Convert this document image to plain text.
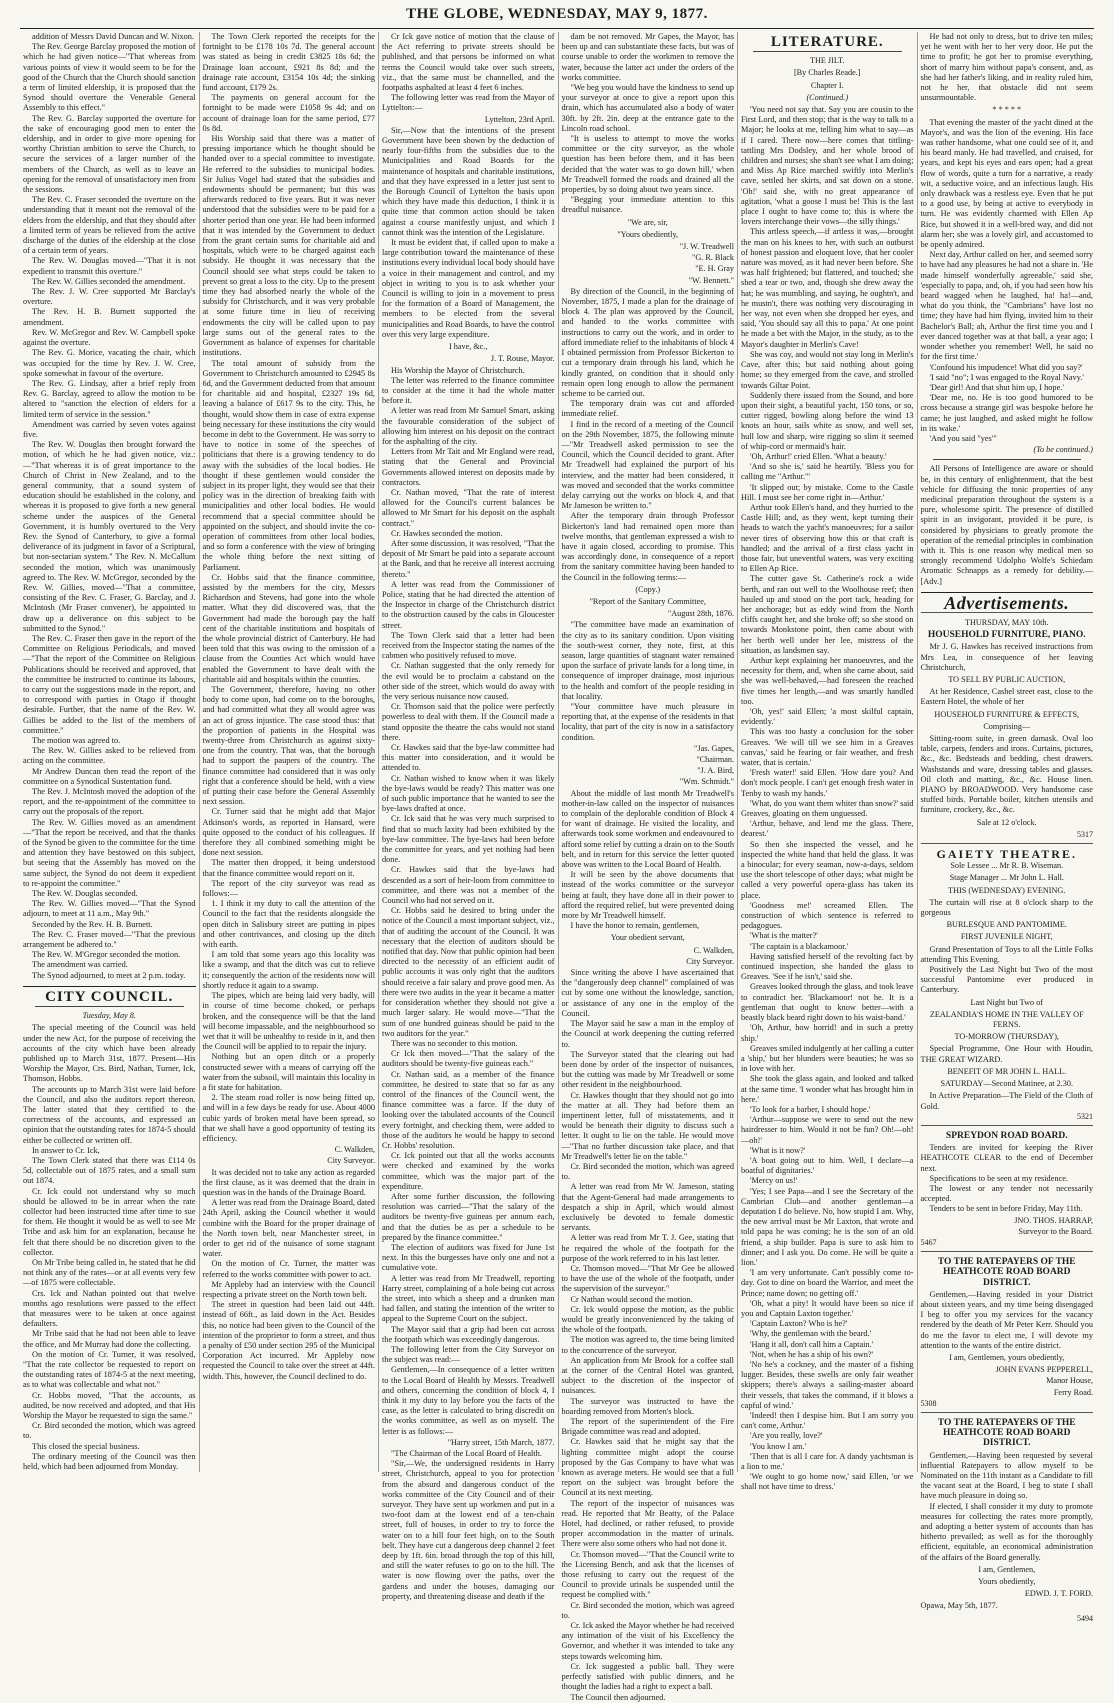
THE GLOBE, WEDNESDAY, MAY 9, 1877.

addition of Messrs David Duncan and W. Nixon.

The Rev. George Barclay proposed the motion of which he had given notice—"That whereas from various points of view it would seem to be for the good of the Church that the Church should sanction a term of limited eldership, it is proposed that the Synod should overture the Venerable General Assembly to this effect."

The Rev. G. Barclay supported the overture for the sake of encouraging good men to enter the eldership, and in order to give more opening for worthy Christian ambition to serve the Church, to secure the services of a larger number of the members of the Church, as well as to leave an opening for the removal of unsatisfactory men from the sessions.

The Rev. C. Fraser seconded the overture on the understanding that it meant not the removal of the elders from the eldership, and that they should after a limited term of years be relieved from the active discharge of the duties of the eldership at the close of a certain term of years.

The Rev. W. Douglas moved—"That it is not expedient to transmit this overture."

The Rev. W. Gillies seconded the amendment.

The Rev. J. W. Cree supported Mr Barclay's overture.

The Rev. H. B. Burnett supported the amendment.

Rev. W. McGregor and Rev. W. Campbell spoke against the overture.

The Rev. G. Morice, vacating the chair, which was occupied for the time by Rev. J. W. Cree, spoke somewhat in favour of the overture.

The Rev. G. Lindsay, after a brief reply from Rev. G. Barclay, agreed to allow the motion to be altered to "sanction the election of elders for a limited term of service in the session."

Amendment was carried by seven votes against five.

The Rev. W. Douglas then brought forward the motion, of which he he had given notice, viz.:—"That whereas it is of great importance to the Church of Christ in New Zealand, and to the general community, that a sound system of education should be established in the colony, and whereas it is proposed to give forth a new general scheme under the auspices of the General Government, it is humbly overtured to the Very Rev. the Synod of Canterbury, to give a formal deliverance of its judgment in favor of a Scriptural, but non-sectarian system." The Rev. N. McCallum seconded the motion, which was unanimously agreed to. The Rev. W. McGregor, seconded by the Rev. W. Gillies, moved—"That a committee, consisting of the Rev. C. Fraser, G. Barclay, and J. McIntosh (Mr Fraser convener), be appointed to draw up a deliverance on this subject to be submitted to the Synod."

The Rev. C. Fraser then gave in the report of the Committee on Religious Periodicals, and moved—"That the report of the Committee on Religious Publications should be received and approved, that the committee be instructed to continue its labours, to carry out the suggestions made in the report, and to correspond with parties in Otago if thought desirable. Further, that the name of the Rev. W. Gillies be added to the list of the members of committee."

The motion was agreed to.

The Rev. W. Gillies asked to be relieved from acting on the committee.

Mr Andrew Duncan then read the report of the committee on a Synodical Sustentation fund.

The Rev. J. McIntosh moved the adoption of the report, and the re-appointment of the committee to carry out the proposals of the report.

The Rev. W. Gillies moved as an amendment—"That the report be received, and that the thanks of the Synod be given to the committee for the time and attention they have bestowed on this subject, but seeing that the Assembly has moved on the same subject, the Synod do not deem it expedient to re-appoint the committee."

The Rev. W. Douglas seconded.

The Rev. W. Gillies moved—"That the Synod adjourn, to meet at 11 a.m., May 9th."

Seconded by the Rev. H. B. Burnett.

The Rev. C. Fraser moved—"That the previous arrangement be adhered to."

The Rev. W. M'Gregor seconded the motion.

The amendment was carried.

The Synod adjourned, to meet at 2 p.m. today.

CITY COUNCIL.
Tuesday, May 8.

The special meeting of the Council was held under the new Act, for the purpose of receiving the accounts of the city which have been already published up to March 31st, 1877. Present—His Worship the Mayor, Crs. Bird, Nathan, Turner, Ick, Thomson, Hobbs.

The accounts up to March 31st were laid before the Council, and also the auditors report thereon. The latter stated that they certified to the correctness of the accounts, and expressed an opinion that the outstanding rates for 1874-5 should either be collected or written off.

In answer to Cr. Ick,

The Town Clerk stated that there was £114 0s 5d, collectable out of 1875 rates, and a small sum out 1874.

Cr. Ick could not understand why so much should be allowed to be in arrear when the rate collector had been instructed time after time to sue for them. He thought it would be as well to see Mr Tribe and ask him for an explanation, because he felt that there should be no discretion given to the collector.

On Mr Tribe being called in, he stated that he did not think any of the rates—or at all events very few—of 1875 were collectable.

Crs. Ick and Nathan pointed out that twelve months ago resolutions were passed to the effect that measures were to be taken at once against defaulters.

Mr Tribe said that he had not been able to leave the office, and Mr Murray had done the collecting.

On the motion of Cr. Turner, it was resolved, "That the rate collector be requested to report on the outstanding rates of 1874-5 at the next meeting, as to what was collectable and what not."

Cr. Hobbs moved, "That the accounts, as audited, be now received and adopted, and that His Worship the Mayor be requested to sign the same."

Cr. Bird seconded the motion, which was agreed to.

This closed the special business.

The ordinary meeting of the Council was then held, which had been adjourned from Monday.

The Town Clerk reported the receipts for the fortnight to be £178 10s 7d. The general account was stated as being in credit £3825 18s 6d; the Drainage loan account, £921 8s 8d; and the drainage rate account, £3154 10s 4d; the sinking fund account, £179 2s.

The payments on general account for the fortnight to be made were £1058 9s 4d; and on account of drainage loan for the same period, £77 0s 8d.

His Worship said that there was a matter of pressing importance which he thought should be handed over to a special committee to investigate. He referred to the subsidies to municipal bodies. Sir Julius Vogel had stated that the subsidies and endowments should be permanent; but this was afterwards reduced to five years. But it was never understood that the subsidies were to be paid for a shorter period than one year. He had been informed that it was intended by the Government to deduct from the grant certain sums for charitable aid and hospitals, which were to be charged against each subsidy. He thought it was necessary that the Council should see what steps could be taken to prevent so great a loss to the city. Up to the present time they had absorbed nearly the whole of the subsidy for Christchurch, and it was very probable at some future time in lieu of receiving endowments the city will be called upon to pay large sums out of the general rates to the Government as balance of expenses for charitable institutions.

The total amount of subsidy from the Government to Christchurch amounted to £2945 8s 6d, and the Government deducted from that amount for charitable aid and hospital, £2327 19s 6d, leaving a balance of £617 9s to the city. This, he thought, would show them in case of extra expense being necessary for these institutions the city would become in debt to the Government. He was sorry to have to notice in some of the speeches of politicians that there is a growing tendency to do away with the subsidies of the local bodies. He thought if these gentlemen would consider the subject in its proper light, they would see that their policy was in the direction of breaking faith with municipalities and other local bodies. He would recommend that a special committee should be appointed on the subject, and should invite the co-operation of committees from other local bodies, and so form a conference with the view of bringing the whole thing before the next sitting of Parliament.

Cr. Hobbs said that the finance committee, assisted by the members for the city, Messrs Richardson and Stevens, had gone into the whole matter. What they did discovered was, that the Government had made the borough pay the half cent of the charitable institutions and hospitals of the whole provincial district of Canterbury. He had been told that this was owing to the omission of a clause from the Counties Act which would have enabled the Government to have dealt with the charitable aid and hospitals within the counties.

The Government, therefore, having no other body to come upon, had come on to the boroughs, and had committed what they all would agree was an act of gross injustice. The case stood thus: that the proportion of patients in the Hospital was twenty-three from Christchurch as against sixty-one from the country. That was, that the borough had to support the paupers of the country. The finance committee had considered that it was only right that a conference should be held, with a view of putting their case before the General Assembly next session.

Cr. Turner said that he might add that Major Atkinson's words, as reported in Hansard, were quite opposed to the conduct of his colleagues. If therefore they all combined something might be done next session.

The matter then dropped, it being understood that the finance committee would report on it.

The report of the city surveyor was read as follows:—

1. I think it my duty to call the attention of the Council to the fact that the residents alongside the open ditch in Salisbury street are putting in pipes and other contrivances, and closing up the ditch with earth.

I am told that some years ago this locality was like a swamp, and that the ditch was cut to relieve it; consequently the action of the residents now will shortly reduce it again to a swamp.

The pipes, which are being laid very badly, will in course of time become choked, or perhaps broken, and the consequence will be that the land will become impassable, and the neighbourhood so wet that it will be unhealthy to reside in it, and then the Council will be applied to to repair the injury.

Nothing but an open ditch or a properly constructed sewer with a means of carrying off the water from the subsoil, will maintain this locality in a fit state for habitation.

2. The steam road roller is now being fitted up, and will in a few days be ready for use. About 4000 cubic yards of broken metal have been spread, so that we shall have a good opportunity of testing its efficiency.

C. Walkden,
City Surveyor.

It was decided not to take any action as regarded the first clause, as it was deemed that the drain in question was in the hands of the Drainage Board.

A letter was read from the Drainage Board, dated 24th April, asking the Council whether it would combine with the Board for the proper drainage of the North town belt, near Manchester street, in order to get rid of the nuisance of some stagnant water.

On the motion of Cr. Turner, the matter was referred to the works committee with power to act.

Mr Appleby had an interview with the Council respecting a private street on the North town belt.

The street in question had been laid out 44ft. instead of 66ft., as laid down in the Act. Besides this, no notice had been given to the Council of the intention of the proprietor to form a street, and thus a penalty of £50 under section 295 of the Municipal Corporation Act incurred. Mr Appleby now requested the Council to take over the street at 44ft. width. This, however, the Council declined to do.

Cr Ick gave notice of motion that the clause of the Act referring to private streets should be published, and that persons be informed on what terms the Council would take over such streets, viz., that the same must be channelled, and the footpaths asphalted at least 4 feet 6 inches.

The following letter was read from the Mayor of Lyttelton:—

Lyttelton, 23rd April.

Sir,—Now that the intentions of the present Government have been shown by the deduction of nearly four-fifths from the subsidies due to the Municipalities and Road Boards for the maintenance of hospitals and charitable institutions, and that they have expressed in a letter just sent to the Borough Council of Lyttelton the basis upon which they have made this deduction, I think it is quite time that common action should be taken against a course manifestly unjust, and which I cannot think was the intention of the Legislature.

It must be evident that, if called upon to make a large contribution toward the maintenance of these institutions every individual local body should have a voice in their management and control, and my object in writing to you is to ask whether your Council is willing to join in a movement to press for the formation of a Board of Management, the members to be elected from the several municipalities and Road Boards, to have the control over this very large expenditure.

I have, &c.,
J. T. Rouse, Mayor.

His Worship the Mayor of Christchurch.

The letter was referred to the finance committee to consider at the time it had the whole matter before it.

A letter was read from Mr Samuel Smart, asking the favourable consideration of the subject of allowing him interest on his deposit on the contract for the asphalting of the city.

Letters from Mr Tait and Mr England were read, stating that the General and Provincial Governments allowed interest on deposits made by contractors.

Cr. Nathan moved, "That the rate of interest allowed for the Council's current balances be allowed to Mr Smart for his deposit on the asphalt contract."

Cr. Hawkes seconded the motion.

After some discussion, it was resolved, "That the deposit of Mr Smart be paid into a separate account at the Bank, and that he receive all interest accruing thereto."

A letter was read from the Commissioner of Police, stating that he had directed the attention of the Inspector in charge of the Christchurch district to the obstruction caused by the cabs in Gloucester street.

The Town Clerk said that a letter had been received from the Inspector stating the names of the cabmen who positively refused to move.

Cr. Nathan suggested that the only remedy for the evil would be to proclaim a cabstand on the other side of the street, which would do away with the very serious nuisance now caused.

Cr. Thomson said that the police were perfectly powerless to deal with them. If the Council made a stand opposite the theatre the cabs would not stand there.

Cr. Hawkes said that the bye-law committee had this matter into consideration, and it would be attended to.

Cr. Nathan wished to know when it was likely the bye-laws would be ready? This matter was one of such public importance that he wanted to see the bye-laws drafted at once.

Cr. Ick said that he was very much surprised to find that so much laxity had been exhibited by the bye-law committee. The bye-laws had been before the committee for years, and yet nothing had been done.

Cr. Hawkes said that the bye-laws had descended as a sort of heir-loom from committee to committee, and there was not a member of the Council who had not served on it.

Cr. Hobbs said he desired to bring under the notice of the Council a most important subject, viz., that of auditing the account of the Council. It was necessary that the election of auditors should be notified that day. Now that public opinion had been directed to the necessity of an efficient audit of public accounts it was only right that the auditors should receive a fair salary and prove good men. As there were two audits in the year it became a matter for consideration whether they should not give a much larger salary. He would move—"That the sum of one hundred guineas should be paid to the two auditors for the year."

There was no seconder to this motion.

Cr Ick then moved—"That the salary of the auditors should be twenty-five guineas each."

Cr. Nathan said, as a member of the finance committee, he desired to state that so far as any control of the finances of the Council went, the finance committee was a farce. If the duty of looking over the tabulated accounts of the Council every fortnight, and checking them, were added to those of the auditors he would be happy to second Cr. Hobbs' resolution.

Cr. Ick pointed out that all the works accounts were checked and examined by the works committee, which was the major part of the expenditure.

After some further discussion, the following resolution was carried—"That the salary of the auditors be twenty-five guineas per annum each, and that the duties be as per a schedule to be prepared by the finance committee."

The election of auditors was fixed for June 1st next. In this the burgesses have only one and not a cumulative vote.

A letter was read from Mr Treadwell, reporting Harry street, complaining of a hole being cut across the street, into which a sheep and a drunken man had fallen, and stating the intention of the writer to appeal to the Supreme Court on the subject.

The Mayor said that a grip had been cut across the footpath which was exceedingly dangerous.

The following letter from the City Surveyor on the subject was read:—

Gentlemen,—In consequence of a letter written to the Local Board of Health by Messrs. Treadwell and others, concerning the condition of block 4, I think it my duty to lay before you the facts of the case, as the letter is calculated to bring discredit on the works committee, as well as on myself. The letter is as follows:—

"Harry street, 15th March, 1877.

"The Chairman of the Local Board of Health.

"Sir,—We, the undersigned residents in Harry street, Christchurch, appeal to you for protection from the absurd and dangerous conduct of the works committee of the City Council and of their surveyor. They have sent up workmen and put in a two-foot dam at the lowest end of a ten-chain street, full of houses, in order to try to force the water on to a hill four feet high, on to the South belt. They have cut a dangerous deep channel 2 feet deep by 1ft. 6in. broad through the top of this hill, and still the water refuses to go on to the hill. The water is now flowing over the paths, over the gardens and under the houses, damaging our property, and threatening disease and death if the

dam be not removed. Mr Gapes, the Mayor, has been up and can substantiate these facts, but was of course unable to order the workmen to remove the water, because the latter act under the orders of the works committee.

"We beg you would have the kindness to send up your surveyor at once to give a report upon this drain, which has accumulated also a body of water 30ft. by 2ft. 2in. deep at the entrance gate to the Lincoln road school.

"It is useless to attempt to move the works committee or the city surveyor, as the whole question has been before them, and it has been decided that 'the water was to go down hill,' when Mr Treadwell formed the roads and drained all the properties, by so doing about two years since.

"Begging your immediate attention to this dreadful nuisance.

"We are, sir,
"Yours obediently,
"J. W. Treadwell
"G. R. Black
"E. H. Gray
"W. Bennett."

By direction of the Council, in the beginning of November, 1875, I made a plan for the drainage of block 4. The plan was approved by the Council, and handed to the works committee with instructions to carry out the work, and in order to afford immediate relief to the inhabitants of block 4 I obtained permission from Professor Bickerton to cut a temporary drain through his land, which he kindly granted, on condition that it should only remain open long enough to allow the permanent scheme to be carried out.

The temporary drain was cut and afforded immediate relief.

I find in the record of a meeting of the Council on the 29th November, 1875, the following minute—"Mr Treadwell asked permission to see the Council, which the Council decided to grant. After Mr Treadwell had explained the purport of his interview, and the matter had been considered, it was moved and seconded that the works committee delay carrying out the works on block 4, and that Mr Jameson be written to."

After the temporary drain through Professor Bickerton's land had remained open more than twelve months, that gentleman expressed a wish to have it again closed, according to promise. This was accordingly done, in consequence of a report from the sanitary committee having been handed to the Council in the following terms:—

(Copy.)
"Report of the Sanitary Committee,
"August 28th, 1876.

"The committee have made an examination of the city as to its sanitary condition. Upon visiting the south-west corner, they note, first, at this season, large quantities of stagnant water remained upon the surface of private lands for a long time, in consequence of improper drainage, most injurious to the health and comfort of the people residing in that locality.

"Your committee have much pleasure in reporting that, at the expense of the residents in that locality, that part of the city is now in a satisfactory condition.

"Jas. Gapes,
"Chairman.
"J. A. Bird,
"Wm. Schmidt."

About the middle of last month Mr Treadwell's mother-in-law called on the inspector of nuisances to complain of the deplorable condition of Block 4 for want of drainage. He visited the locality, and afterwards took some workmen and endeavoured to afford some relief by cutting a drain on to the South belt, and in return for this service the letter quoted above was written to the Local Board of Health.

It will be seen by the above documents that instead of the works committee or the surveyor being at fault, they have done all in their power to afford the required relief, but were prevented doing more by Mr Treadwell himself.

I have the honor to remain, gentlemen,

Your obedient servant,
C. Walkden,
City Surveyor.

Since writing the above I have ascertained that the "dangerously deep channel" complained of was cut by some one without the knowledge, sanction, or assistance of any one in the employ of the Council.

The Mayor said he saw a man in the employ of the Council at work deepening the cutting referred to.

The Surveyor stated that the clearing out had been done by order of the inspector of nuisances, but the cutting was made by Mr Treadwell or some other resident in the neighbourhood.

Cr. Hawkes thought that they should not go into the matter at all. They had before them an impertinent letter, full of misstatements, and it would be beneath their dignity to discuss such a letter. It ought to lie on the table. He would move—"That no further discussion take place, and that Mr Treadwell's letter lie on the table."

Cr. Bird seconded the motion, which was agreed to.

A letter was read from Mr W. Jameson, stating that the Agent-General had made arrangements to despatch a ship in April, which would almost exclusively be devoted to female domestic servants.

A letter was read from Mr T. J. Gee, stating that he required the whole of the footpath for the purpose of the work referred to in his last letter.

Cr. Thomson moved—"That Mr Gee be allowed to have the use of the whole of the footpath, under the supervision of the surveyor."

Cr Nathan would second the motion.

Cr. Ick would oppose the motion, as the public would be greatly inconvenienced by the taking of the whole of the footpath.

The motion was agreed to, the time being limited to the concurrence of the surveyor.

An application from Mr Brook for a coffee stall at the corner of the Central Hotel was granted, subject to the discretion of the inspector of nuisances.

The surveyor was instructed to have the hoarding removed from Morten's block.

The report of the superintendent of the Fire Brigade committee was read and adopted.

Cr. Hawkes said that he might say that the lighting committee might adopt the course proposed by the Gas Company to have what was known as average meters. He would see that a full report on the subject was brought before the Council at its next meeting.

The report of the inspector of nuisances was read. He reported that Mr Beatty, of the Palace Hotel, had declined, or rather refused, to provide proper accommodation in the matter of urinals. There were also some others who had not done it.

Cr. Thomson moved—"That the Council write to the Licensing Bench, and ask that the licenses of those refusing to carry out the request of the Council to provide urinals be suspended until the request be complied with."

Cr. Bird seconded the motion, which was agreed to.

Cr. Ick asked the Mayor whether he had received any intimation of the visit of his Excellency the Governor, and whether it was intended to take any steps towards welcoming him.

Cr. Ick suggested a public ball. They were perfectly satisfied with public dinners, and he thought the ladies had a right to expect a ball.

The Council then adjourned.

LITERATURE.
THE JILT.
[By Charles Reade.]
Chapter I.
(Continued.)

'You need not say that. Say you are cousin to the First Lord, and then stop; that is the way to talk to a Major; he looks at me, telling him what to say—as if I cared. There now—here comes that tittling-tattling Mrs Dodsley, and her whole brood of children and nurses; she shan't see what I am doing; and Miss Ap Rice marched swiftly into Merlin's cave, settled her skirts, and sat down on a stone. 'Oh!' said she, with no great appearance of agitation, 'what a goose I must be! This is the last place I ought to have come to; this is where the lovers interchange their vows—the silly things.'

This artless speech,—if artless it was,—brought the man on his knees to her, with such an outburst of honest passion and eloquent love, that her cooler nature was moved, as it had never been before. She was half frightened; but flattered, and touched; she shed a tear or two, and, though she drew away the hat; he was mumbling, and saying, he oughtn't, and he mustn't, there was nothing very discouraging in her way, not even when she dropped her eyes, and said, 'You should say all this to papa.' At one point he made a bet with the Major, in the study, as to the Mayor's daughter in Merlin's Cave!

She was coy, and would not stay long in Merlin's Cave, after this; but said nothing about going home; so they emerged from the cave, and strolled towards Giltar Point.

Suddenly there issued from the Sound, and bore upon their sight, a beautiful yacht, 150 tons, or so, cutter rigged, bowling along before the wind 13 knots an hour, sails white as snow, and well set, hull low and sharp, wire rigging so slim it seemed of whip-cord or mermaid's hair.

'Oh, Arthur!' cried Ellen. 'What a beauty.'

'And so she is,' said he heartily. 'Bless you for calling me "Arthur."'

'It slipped out; by mistake. Come to the Castle Hill. I must see her come right in—Arthur.'

Arthur took Ellen's hand, and they hurried to the Castle Hill; and, as they went, kept turning their heads to watch the yacht's manoeuvres; for a sailor never tires of observing how this or that craft is handled; and the arrival of a first class yacht in those fair, but uneventful waters, was very exciting to Ellen Ap Rice.

The cutter gave St. Catherine's rock a wide berth, and ran out well to the Woolhouse reef; then hauled up and stood on the port tack, heading for her anchorage; but as eddy wind from the North cliffs caught her, and she broke off; so she stood on towards Monkstone point, then came about with her berth well under her lee, mistress of the situation, as landsmen say.

Arthur kept explaining her manoeuvres, and the necessity for them, and, when she came about, said she was well-behaved,—had foreseen the reached five times her length,—and was smartly handled too.

'Oh, yes!' said Ellen; 'a most skilful captain, evidently.'

This was too hasty a conclusion for the sober Greaves. 'We will till we see him in a Greaves canvas,' said he fearing or fair weather, and fresh water, that is certain.'

'Fresh water!' said Ellen. 'How dare you? And don't mock people. I can't get enough fresh water in Tenby to wash my hands.'

'What, do you want them whiter than snow?' said Greaves, gloating on them unguessed.

'Arthur, behave, and lend me the glass. There, dearest.'

So then she inspected the vessel, and he inspected the white hand that held the glass. It was a binocular; for every seaman, now-a-days, seldom use the short telescope of other days; what might be called a very powerful opera-glass has taken its place.

'Goodness me!' screamed Ellen. The construction of which sentence is referred to pedagogues.

'What is the matter?'

'The captain is a blackamoor.'

Having satisfied herself of the revolting fact by continued inspection, she handed the glass to Greaves. 'See if he isn't,' said she.

Greaves looked through the glass, and took leave to contradict her. 'Blackamoor! not he. It is a gentleman that ought to know better—with a beastly black beard right down to his waist-band.'

'Oh, Arthur, how horrid! and in such a pretty ship.'

Greaves smiled indulgently at her calling a cutter a 'ship,' but her blunders were beauties; he was so in love with her.

She took the glass again, and looked and talked at the same time. 'I wonder what has brought him in here.'

'To look for a barber, I should hope.'

'Arthur—suppose we were to send out the new hairdresser to him. Would it not be fun? Oh!—oh!—oh!'

'What is it now?'

'A boat going out to him. Well, I declare—a boatful of dignitaries.'

'Mercy on us!'

'Yes; I see Papa—and I see the Secretary of the Cambrian Club—and another gentleman—a deputation I do believe. No, how stupid I am. Why, the new arrival must be Mr Laxton, that wrote and told papa he was coming; he is the son of an old friend, a ship builder. Papa is sure to ask him to dinner; and I ask you. Do come. He will be quite a lion.'

'I am very unfortunate. Can't possibly come to-day. Got to dine on board the Warrior, and meet the Prince; name down; no getting off.'

'Oh, what a pity! It would have been so nice if you and Captain Laxton together.'

'Captain Laxton? Who is he?'

'Why, the gentleman with the beard.'

'Hang it all, don't call him a Captain.'

'Not, when he has a ship of his own?'

'No he's a cockney, and the master of a fishing lugger. Besides, these swells are only fair weather skippers; there's always a sailing-master aboard their vessels, that takes the command, if it blows a capful of wind.'

'Indeed! then I despise him. But I am sorry you can't come, Arthur.'

'Are you really, love?'

'You know I am.'

'Then that is all I care for. A dandy yachtsman is a lion to me.'

'We ought to go home now,' said Ellen, 'or we shall not have time to dress.'

He had not only to dress, but to drive ten miles; yet he went with her to her very door. He put the time to profit; he got her to promise everything, short of marry him without papa's consent, and, as she had her father's liking, and in reality ruled him, not he her, that obstacle did not seem unsurmountable.

* * * * *

That evening the master of the yacht dined at the Mayor's, and was the lion of the evening. His face was rather handsome, what one could see of it, and his beard manly. He had travelled, and cruised, for years, and kept his eyes and ears open; had a great flow of words, quite a turn for a narrative, a ready wit, a seductive voice, and an infectious laugh. His only drawback was a restless eye. Even that he put to a good use, by being at active to everybody in turn. He was evidently charmed with Ellen Ap Rice, but showed it in a well-bred way, and did not alarm her; she was a lovely girl, and accustomed to be openly admired.

Next day, Arthur called on her, and seemed sorry to have had any pleasures he had not a share in. 'He made himself wonderfully agreeable,' said she, 'especially to papa, and, oh, if you had seen how his beard wagged when he laughed, ha! ha!—and, what do you think, the "Cambrians" have lost no time; they have had him flying, invited him to their Bachelor's Ball; ah, Arthur the first time you and I ever danced together was at that ball, a year ago; I wonder whether you remember! Well, he said no for the first time.'

'Confound his impudence! What did you say?'

'I said "no"; I was engaged to the Royal Navy.'

'Dear girl! And that shut him up, I hope.'

'Dear me, no. He is too good humored to be cross because a strange girl was bespoke before he came; he just laughed, and asked might he follow in its wake.'

'And you said "yes"'

(To be continued.)

All Persons of Intelligence are aware or should be, in this century of enlightenment, that the best vehicle for diffusing the tonic properties of any medicinal preparation throughout the system is a pure, wholesome spirit. The presence of distilled spirit in an invigorant, provided it be pure, is considered by physicians to greatly promote the operation of the remedial principles in combination with it. This is one reason why medical men so strongly recommend Udolpho Wolfe's Schiedam Aromatic Schnapps as a remedy for debility.—[Adv.]

Advertisements.
THURSDAY, MAY 10th.
HOUSEHOLD FURNITURE, PIANO.

Mr J. G. Hawkes has received instructions from Mrs Lea, in consequence of her leaving Christchurch,

TO SELL BY PUBLIC AUCTION,

At her Residence, Cashel street east, close to the Eastern Hotel, the whole of her

HOUSEHOLD FURNITURE & EFFECTS,
Comprising—

Sitting-room suite, in green damask. Oval loo table, carpets, fenders and irons. Curtains, pictures, &c., &c. Bedsteads and bedding, chest drawers. Washstands and ware, dressing tables and glasses. Oil cloth and matting, &c., &c. House linen. PIANO by BROADWOOD. Very handsome case stuffed birds. Portable boiler, kitchen utensils and furniture, crockery, &c., &c.

Sale at 12 o'clock.
5317
GAIETY THEATRE.
Sole Lessee ... Mr R. B. Wiseman.
Stage Manager ... Mr John L. Hall.
THIS (WEDNESDAY) EVENING.

The curtain will rise at 8 o'clock sharp to the gorgeous

BURLESQUE AND PANTOMIME.
FIRST JUVENILE NIGHT,

Grand Presentation of Toys to all the Little Folks attending This Evening.

Positively the Last Night but Two of the most successful Pantomime ever produced in Canterbury.

Last Night but Two of
ZEALANDIA'S HOME IN THE VALLEY OF FERNS.
TO-MORROW (THURSDAY),

Special Programme, One Hour with Houdin, THE GREAT WIZARD.

BENEFIT OF MR JOHN L. HALL.
SATURDAY—Second Matinee, at 2.30.

In Active Preparation—The Field of the Cloth of Gold.

5321
SPREYDON ROAD BOARD.

Tenders are invited for keeping the River HEATHCOTE CLEAR to the end of December next.

Specifications to be seen at my residence.

The lowest or any tender not necessarily accepted.

Tenders to be sent in before Friday, May 11th.

JNO. THOS. HARRAP,
Surveyor to the Board.
5467
TO THE RATEPAYERS OF THE HEATHCOTE ROAD BOARD DISTRICT.

Gentlemen,—Having resided in your District about sixteen years, and my time being disengaged I beg to offer you my services for the vacancy rendered by the death of Mr Peter Kerr. Should you do me the favor to elect me, I will devote my attention to the wants of the entire district.

I am, Gentlemen, yours obediently,
JOHN EVANS PEPPERELL,
Manor House,
Ferry Road.
5308
TO THE RATEPAYERS OF THE HEATHCOTE ROAD BOARD DISTRICT.

Gentlemen,—Having been requested by several influential Ratepayers to allow myself to be Nominated on the 11th instant as a Candidate to fill the vacant seat at the Board, I beg to state I shall have much pleasure in doing so.

If elected, I shall consider it my duty to promote measures for collecting the rates more promptly, and adopting a better system of accounts than has hitherto prevailed; as well as for the thoroughly efficient, equitable, an economical administration of the affairs of the Board generally.

I am, Gentlemen,
Yours obediently,
EDWD. J. T. FORD.
Opawa, May 5th, 1877.
5494
